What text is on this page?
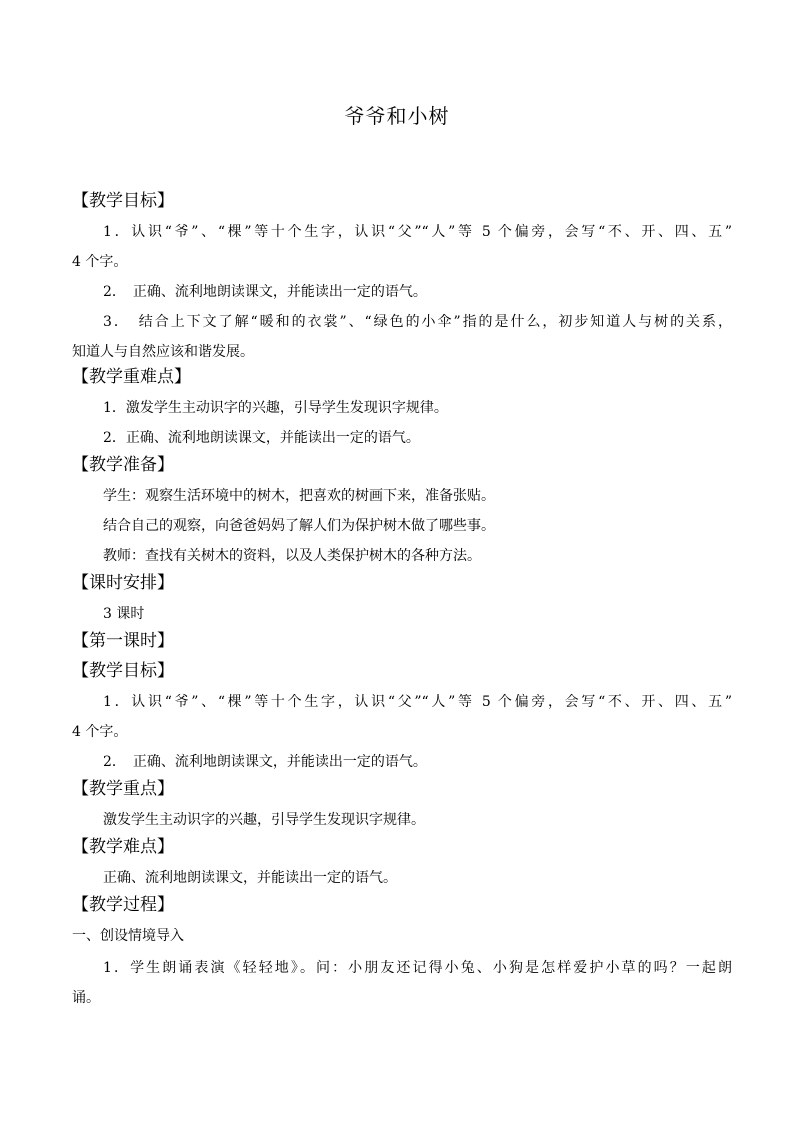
爷爷和小树
【教学目标】
1．认识“爷”、“棵”等十个生字，认识“父”“人”等 5 个偏旁，会写“不、开、四、五”
4 个字。
2．　正确、流利地朗读课文，并能读出一定的语气。
3．　结合上下文了解“暖和的衣裳”、“绿色的小伞”指的是什么，初步知道人与树的关系，
知道人与自然应该和谐发展。
【教学重难点】
1．激发学生主动识字的兴趣，引导学生发现识字规律。
2．正确、流利地朗读课文，并能读出一定的语气。
【教学准备】
学生：观察生活环境中的树木，把喜欢的树画下来，准备张贴。
结合自己的观察，向爸爸妈妈了解人们为保护树木做了哪些事。
教师：查找有关树木的资料，以及人类保护树木的各种方法。
【课时安排】
3 课时
【第一课时】
【教学目标】
1．认识“爷”、“棵”等十个生字，认识“父”“人”等 5 个偏旁，会写“不、开、四、五”
4 个字。
2．　正确、流利地朗读课文，并能读出一定的语气。
【教学重点】
激发学生主动识字的兴趣，引导学生发现识字规律。
【教学难点】
正确、流利地朗读课文，并能读出一定的语气。
【教学过程】
一、创设情境导入
1．学生朗诵表演《轻轻地》。问：小朋友还记得小兔、小狗是怎样爱护小草的吗？一起朗
诵。
